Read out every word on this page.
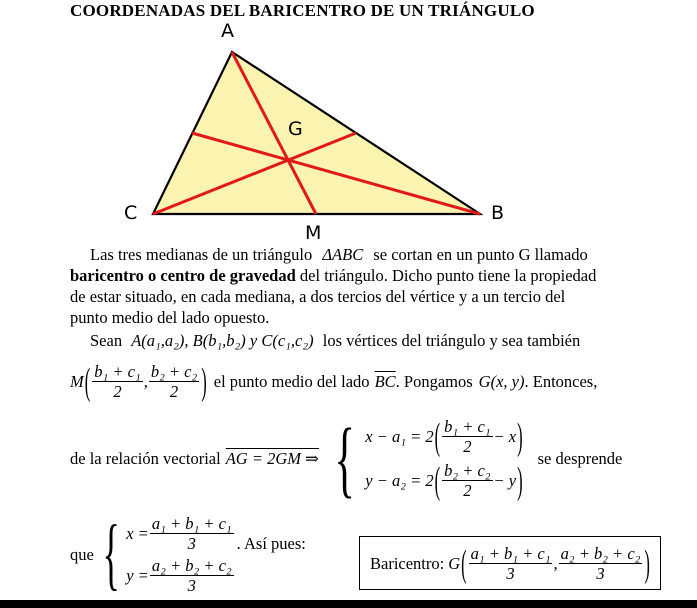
COORDENADAS DEL BARICENTRO DE UN TRIÁNGULO
A
B
C
G
M
Las tres medianas de un triángulo ΔABC se cortan en un punto G llamado
baricentro o centro de gravedad del triángulo. Dicho punto tiene la propiedad
de estar situado, en cada mediana, a dos tercios del vértice y a un tercio del
punto medio del lado opuesto.
Sean A(a₁,a₂), B(b₁,b₂) y C(c₁,c₂) los vértices del triángulo y sea también
M ( $\frac{\text{b₁ + c₁}}{2}$ , $\frac{\text{b₂ + c₂}}{2}$ ) el punto medio del lado $\overline{BC}$ . Pongamos G(x, y) . Entonces,
de la relación vectorial AG = 2GM ⇒ { x − a₁ = 2 ( $\frac{\text{b₁ + c₁}}{2} - x$ )
y − a₂ = 2 ( $\frac{\text{b₂ + c₂}}{2} - y$ )
se desprende
que { $x = \frac{\text{a₁ + b₁ + c₁}}{3}$
$y = \frac{\text{a₂ + b₂ + c₂}}{3}$
. Así pues:
Baricentro: G ( $\frac{\text{a₁ + b₁ + c₁}}{3}$ , $\frac{\text{a₂ + b₂ + c₂}}{3}$ )
